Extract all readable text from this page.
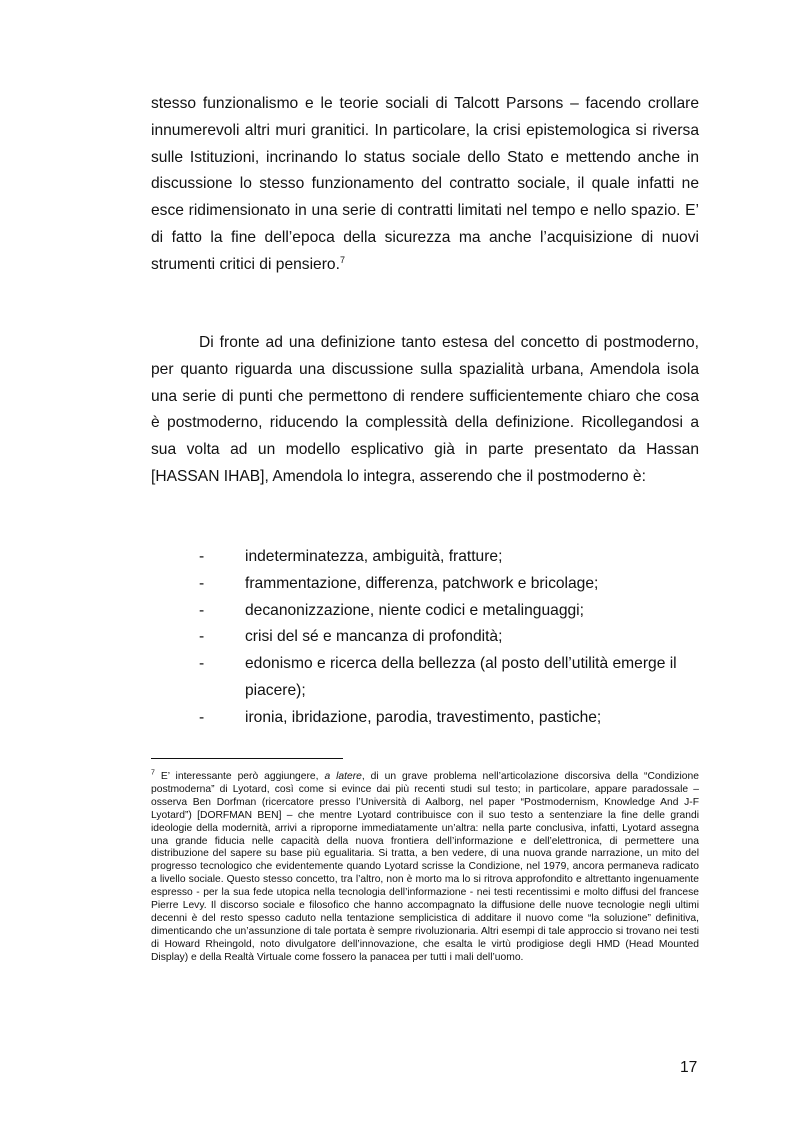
stesso funzionalismo e le teorie sociali di Talcott Parsons – facendo crollare innumerevoli altri muri granitici. In particolare, la crisi epistemologica si riversa sulle Istituzioni, incrinando lo status sociale dello Stato e mettendo anche in discussione lo stesso funzionamento del contratto sociale, il quale infatti ne esce ridimensionato in una serie di contratti limitati nel tempo e nello spazio. E’ di fatto la fine dell’epoca della sicurezza ma anche l’acquisizione di nuovi strumenti critici di pensiero.$^7$

Di fronte ad una definizione tanto estesa del concetto di postmoderno, per quanto riguarda una discussione sulla spazialità urbana, Amendola isola una serie di punti che permettono di rendere sufficientemente chiaro che cosa è postmoderno, riducendo la complessità della definizione. Ricollegandosi a sua volta ad un modello esplicativo già in parte presentato da Hassan [HASSAN IHAB], Amendola lo integra, asserendo che il postmoderno è:

-	indeterminatezza, ambiguità, fratture;
-	frammentazione, differenza, patchwork e bricolage;
-	decanonizzazione, niente codici e metalinguaggi;
-	crisi del sé e mancanza di profondità;
-	edonismo e ricerca della bellezza (al posto dell’utilità emerge il piacere);
-	ironia, ibridazione, parodia, travestimento, pastiche;

$^7$ E’ interessante però aggiungere, a latere, di un grave problema nell’articolazione discorsiva della “Condizione postmoderna” di Lyotard, così come si evince dai più recenti studi sul testo; in particolare, appare paradossale – osserva Ben Dorfman (ricercatore presso l’Università di Aalborg, nel paper “Postmodernism, Knowledge And J-F Lyotard”) [DORFMAN BEN] – che mentre Lyotard contribuisce con il suo testo a sentenziare la fine delle grandi ideologie della modernità, arrivi a riproporne immediatamente un’altra: nella parte conclusiva, infatti, Lyotard assegna una grande fiducia nelle capacità della nuova frontiera dell’informazione e dell’elettronica, di permettere una distribuzione del sapere su base più egualitaria. Si tratta, a ben vedere, di una nuova grande narrazione, un mito del progresso tecnologico che evidentemente quando Lyotard scrisse la Condizione, nel 1979, ancora permaneva radicato a livello sociale. Questo stesso concetto, tra l’altro, non è morto ma lo si ritrova approfondito e altrettanto ingenuamente espresso - per la sua fede utopica nella tecnologia dell’informazione - nei testi recentissimi e molto diffusi del francese Pierre Levy. Il discorso sociale e filosofico che hanno accompagnato la diffusione delle nuove tecnologie negli ultimi decenni è del resto spesso caduto nella tentazione semplicistica di additare il nuovo come “la soluzione” definitiva, dimenticando che un’assunzione di tale portata è sempre rivoluzionaria. Altri esempi di tale approccio si trovano nei testi di Howard Rheingold, noto divulgatore dell’innovazione, che esalta le virtù prodigiose degli HMD (Head Mounted Display) e della Realtà Virtuale come fossero la panacea per tutti i mali dell’uomo.

17
